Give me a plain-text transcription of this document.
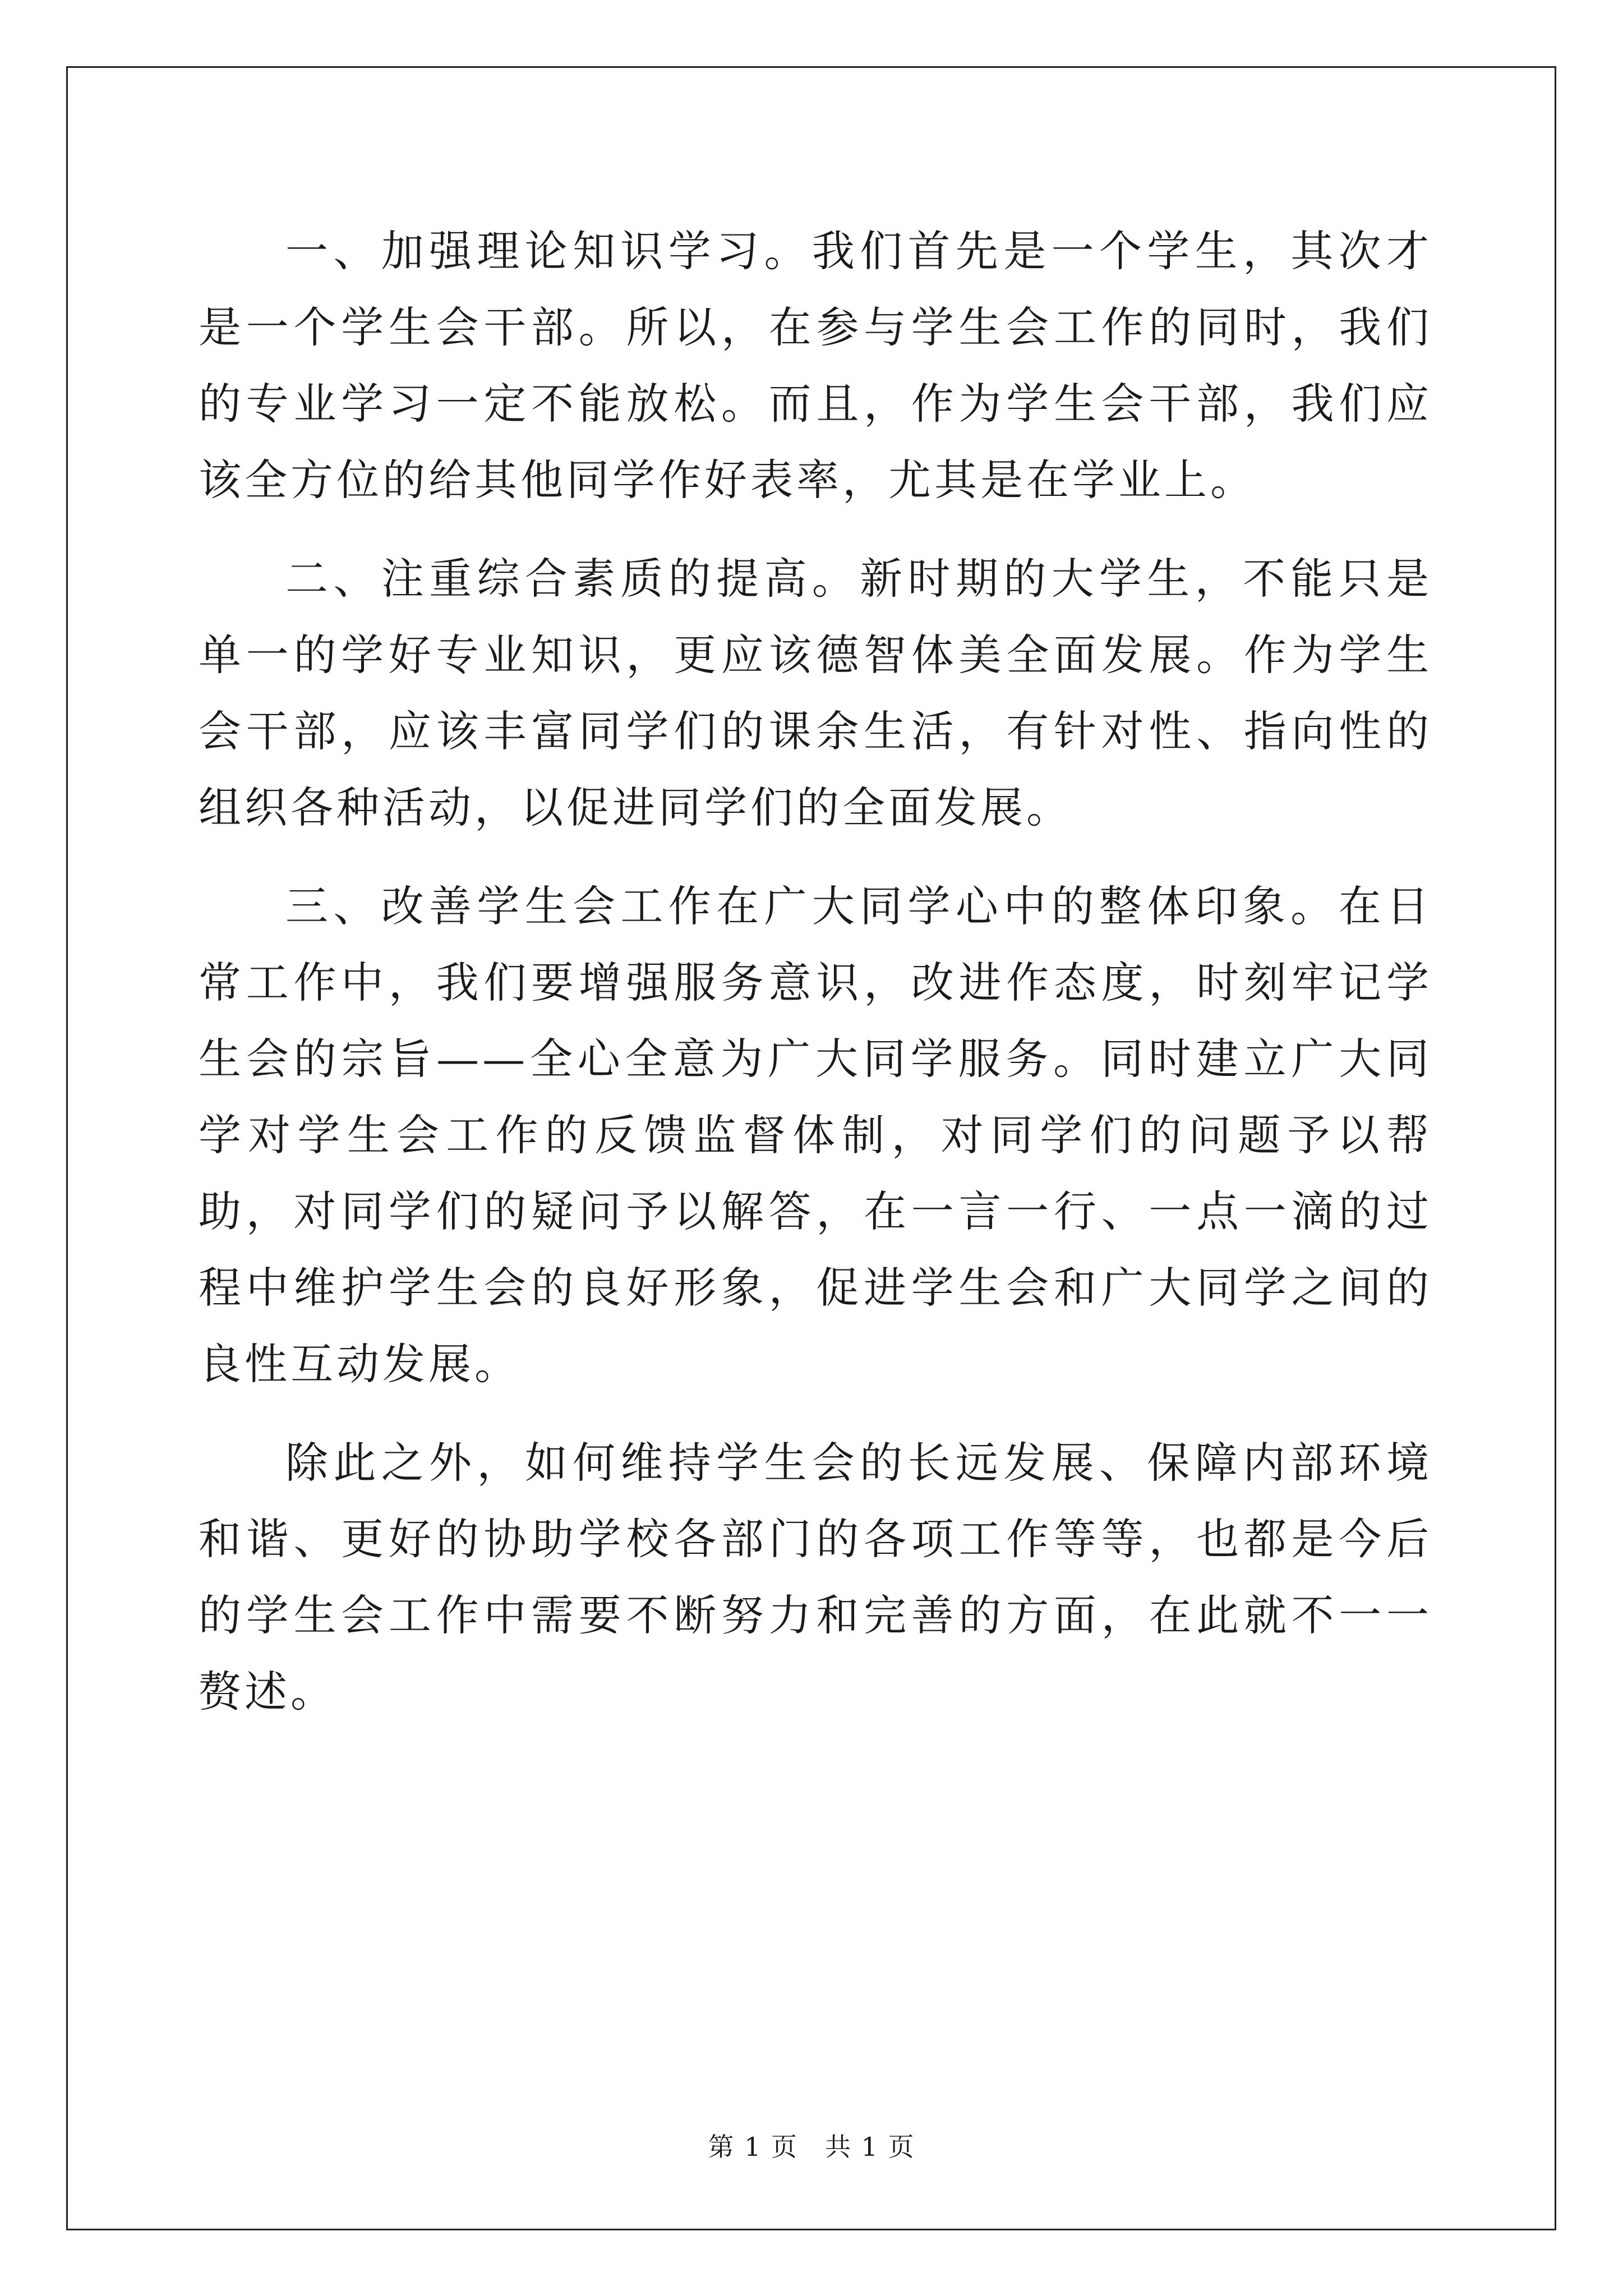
一、加强理论知识学习。我们首先是一个学生，其次才是一个学生会干部。所以，在参与学生会工作的同时，我们的专业学习一定不能放松。而且，作为学生会干部，我们应该全方位的给其他同学作好表率，尤其是在学业上。

二、注重综合素质的提高。新时期的大学生，不能只是单一的学好专业知识，更应该德智体美全面发展。作为学生会干部，应该丰富同学们的课余生活，有针对性、指向性的组织各种活动，以促进同学们的全面发展。

三、改善学生会工作在广大同学心中的整体印象。在日常工作中，我们要增强服务意识，改进作态度，时刻牢记学生会的宗旨——全心全意为广大同学服务。同时建立广大同学对学生会工作的反馈监督体制，对同学们的问题予以帮助，对同学们的疑问予以解答，在一言一行、一点一滴的过程中维护学生会的良好形象，促进学生会和广大同学之间的良性互动发展。

除此之外，如何维持学生会的长远发展、保障内部环境和谐、更好的协助学校各部门的各项工作等等，也都是今后的学生会工作中需要不断努力和完善的方面，在此就不一一赘述。

第 1 页 共 1 页
